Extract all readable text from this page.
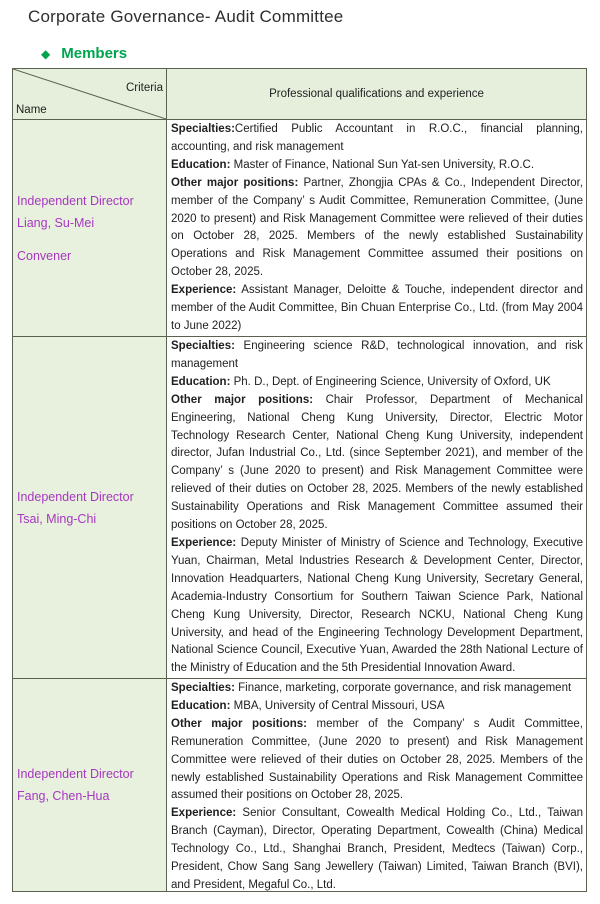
Corporate Governance- Audit Committee
◆ Members
Criteria
Name
Professional qualifications and experience
Independent Director
Liang, Su-Mei
Convener
Specialties:Certified Public Accountant in R.O.C., financial planning, accounting, and risk management
Education: Master of Finance, National Sun Yat-sen University, R.O.C.
Other major positions: Partner, Zhongjia CPAs & Co., Independent Director, member of the Company’ s Audit Committee, Remuneration Committee, (June 2020 to present) and Risk Management Committee were relieved of their duties on October 28, 2025. Members of the newly established Sustainability Operations and Risk Management Committee assumed their positions on October 28, 2025.
Experience: Assistant Manager, Deloitte & Touche, independent director and member of the Audit Committee, Bin Chuan Enterprise Co., Ltd. (from May 2004 to June 2022)
Independent Director
Tsai, Ming-Chi
Specialties: Engineering science R&D, technological innovation, and risk management
Education: Ph. D., Dept. of Engineering Science, University of Oxford, UK
Other major positions: Chair Professor, Department of Mechanical Engineering, National Cheng Kung University, Director, Electric Motor Technology Research Center, National Cheng Kung University, independent director, Jufan Industrial Co., Ltd. (since September 2021), and member of the Company’ s (June 2020 to present) and Risk Management Committee were relieved of their duties on October 28, 2025. Members of the newly established Sustainability Operations and Risk Management Committee assumed their positions on October 28, 2025.
Experience: Deputy Minister of Ministry of Science and Technology, Executive Yuan, Chairman, Metal Industries Research & Development Center, Director, Innovation Headquarters, National Cheng Kung University, Secretary General, Academia-Industry Consortium for Southern Taiwan Science Park, National Cheng Kung University, Director, Research NCKU, National Cheng Kung University, and head of the Engineering Technology Development Department, National Science Council, Executive Yuan, Awarded the 28th National Lecture of the Ministry of Education and the 5th Presidential Innovation Award.
Independent Director
Fang, Chen-Hua
Specialties: Finance, marketing, corporate governance, and risk management
Education: MBA, University of Central Missouri, USA
Other major positions: member of the Company’ s Audit Committee, Remuneration Committee, (June 2020 to present) and Risk Management Committee were relieved of their duties on October 28, 2025. Members of the newly established Sustainability Operations and Risk Management Committee assumed their positions on October 28, 2025.
Experience: Senior Consultant, Cowealth Medical Holding Co., Ltd., Taiwan Branch (Cayman), Director, Operating Department, Cowealth (China) Medical Technology Co., Ltd., Shanghai Branch, President, Medtecs (Taiwan) Corp., President, Chow Sang Sang Jewellery (Taiwan) Limited, Taiwan Branch (BVI), and President, Megaful Co., Ltd.
